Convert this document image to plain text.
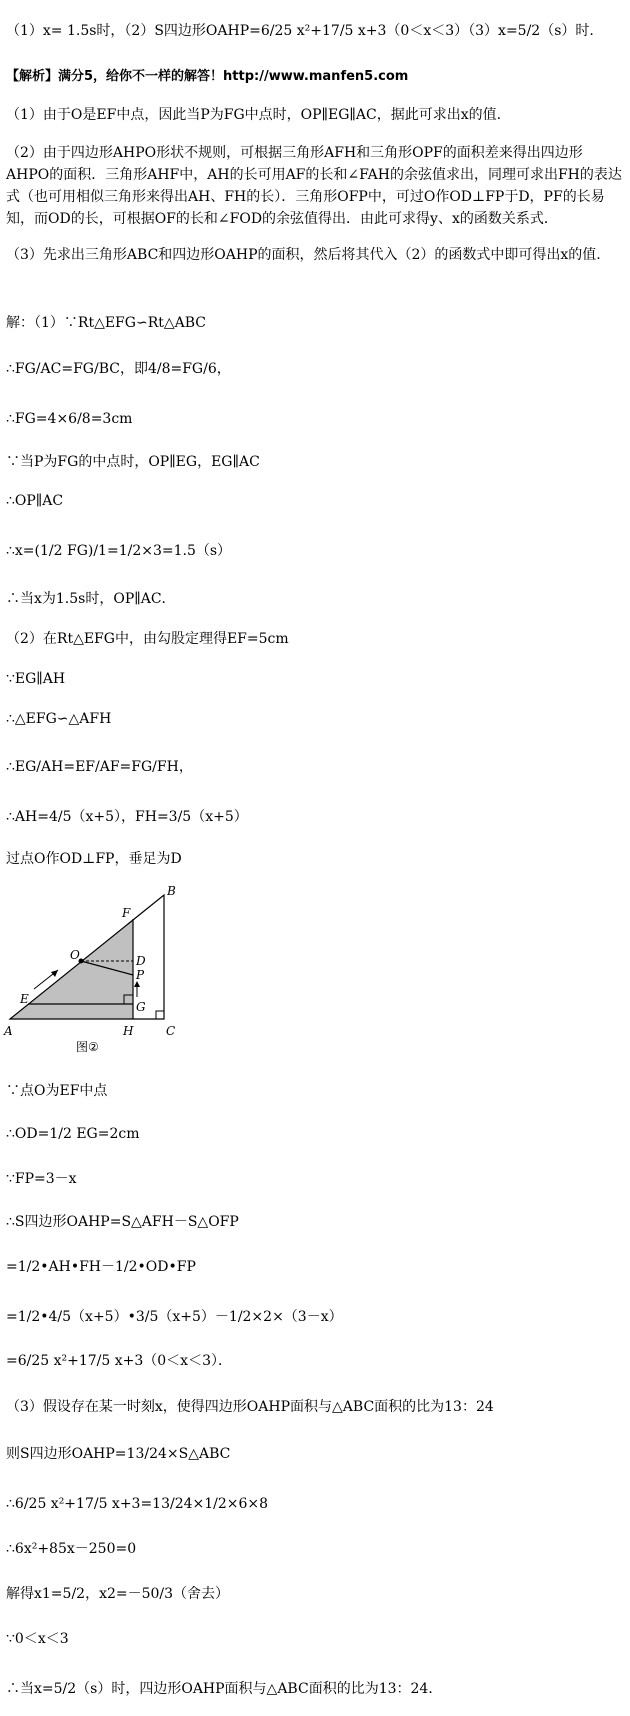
（1）x= 1.5s时，（2）S四边形OAHP=6/25 x²+17/5 x+3（0＜x＜3）（3）x=5/2（s）时.
【解析】满分5，给你不一样的解答！http://www.manfen5.com
（1）由于O是EF中点，因此当P为FG中点时，OP∥EG∥AC，据此可求出x的值.
（2）由于四边形AHPO形状不规则，可根据三角形AFH和三角形OPF的面积差来得出四边形AHPO的面积．三角形AHF中，AH的长可用AF的长和∠FAH的余弦值求出，同理可求出FH的表达式（也可用相似三角形来得出AH、FH的长）．三角形OFP中，可过O作OD⊥FP于D，PF的长易知，而OD的长，可根据OF的长和∠FOD的余弦值得出．由此可求得y、x的函数关系式．
（3）先求出三角形ABC和四边形OAHP的面积，然后将其代入（2）的函数式中即可得出x的值.
解：（1）∵Rt△EFG∽Rt△ABC
∴FG/AC=FG/BC，即4/8=FG/6，
∴FG=4×6/8=3cm
∵当P为FG的中点时，OP∥EG，EG∥AC
∴OP∥AC
∴x=(1/2 FG)/1=1/2×3=1.5（s）
∴当x为1.5s时，OP∥AC．
（2）在Rt△EFG中，由勾股定理得EF=5cm
∵EG∥AH
∴△EFG∽△AFH
∴EG/AH=EF/AF=FG/FH，
∴AH=4/5（x+5），FH=3/5（x+5）
过点O作OD⊥FP，垂足为D
A
B
C
E
F
G
H
O	D
P
图②
∵点O为EF中点
∴OD=1/2 EG=2cm
∵FP=3－x
∴S四边形OAHP=S△AFH－S△OFP
=1/2•AH•FH－1/2•OD•FP
=1/2•4/5（x+5）•3/5（x+5）－1/2×2×（3－x）
=6/25 x²+17/5 x+3（0＜x＜3）．
（3）假设存在某一时刻x，使得四边形OAHP面积与△ABC面积的比为13：24
则S四边形OAHP=13/24×S△ABC
∴6/25 x²+17/5 x+3=13/24×1/2×6×8
∴6x²+85x－250=0
解得x1=5/2，x2=－50/3（舍去）
∵0＜x＜3
∴当x=5/2（s）时，四边形OAHP面积与△ABC面积的比为13：24．
